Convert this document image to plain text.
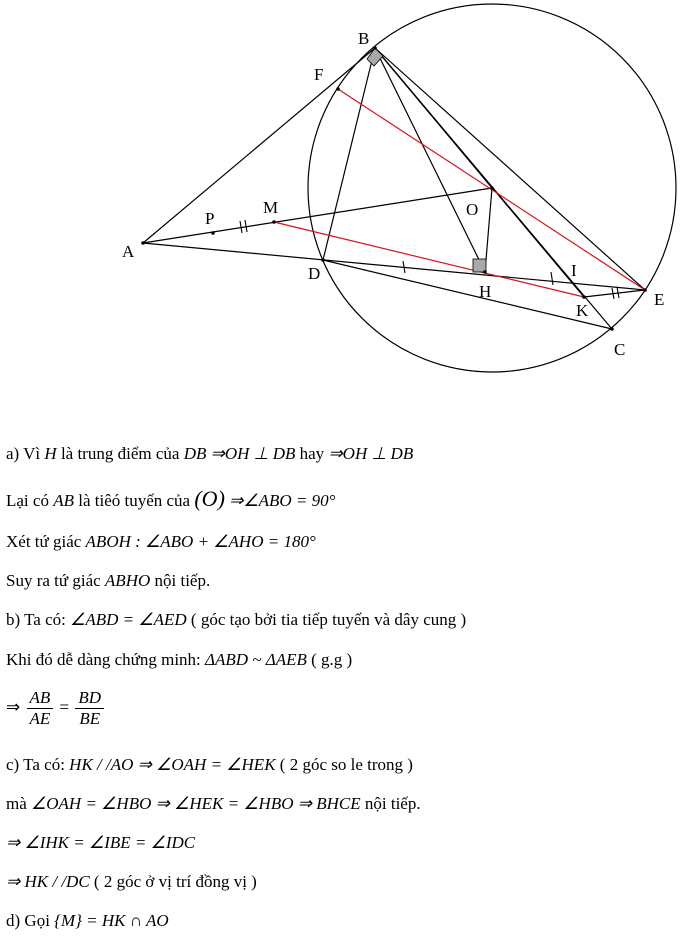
B
F
M
P
A
O
D	I
H
K
E
C
a) Vì H là trung điểm của DB ⇒OH ⊥ DB hay ⇒OH ⊥ DB
Lại có AB là tiêó tuyến của (O) ⇒∠ABO = 90°
Xét tứ giác ABOH : ∠ABO + ∠AHO = 180°
Suy ra tứ giác ABHO nội tiếp.
b) Ta có: ∠ABD = ∠AED ( góc tạo bởi tia tiếp tuyến và dây cung )
Khi đó dễ dàng chứng minh: ΔABD ~ ΔAEB ( g.g )
⇒ $\frac{AB}{AE} = \frac{BD}{BE}$
c) Ta có: HK / /AO ⇒ ∠OAH = ∠HEK ( 2 góc so le trong )
mà ∠OAH = ∠HBO ⇒ ∠HEK = ∠HBO ⇒ BHCE nội tiếp.
⇒ ∠IHK = ∠IBE = ∠IDC
⇒ HK / /DC ( 2 góc ở vị trí đồng vị )
d) Gọi {M} = HK ∩ AO
